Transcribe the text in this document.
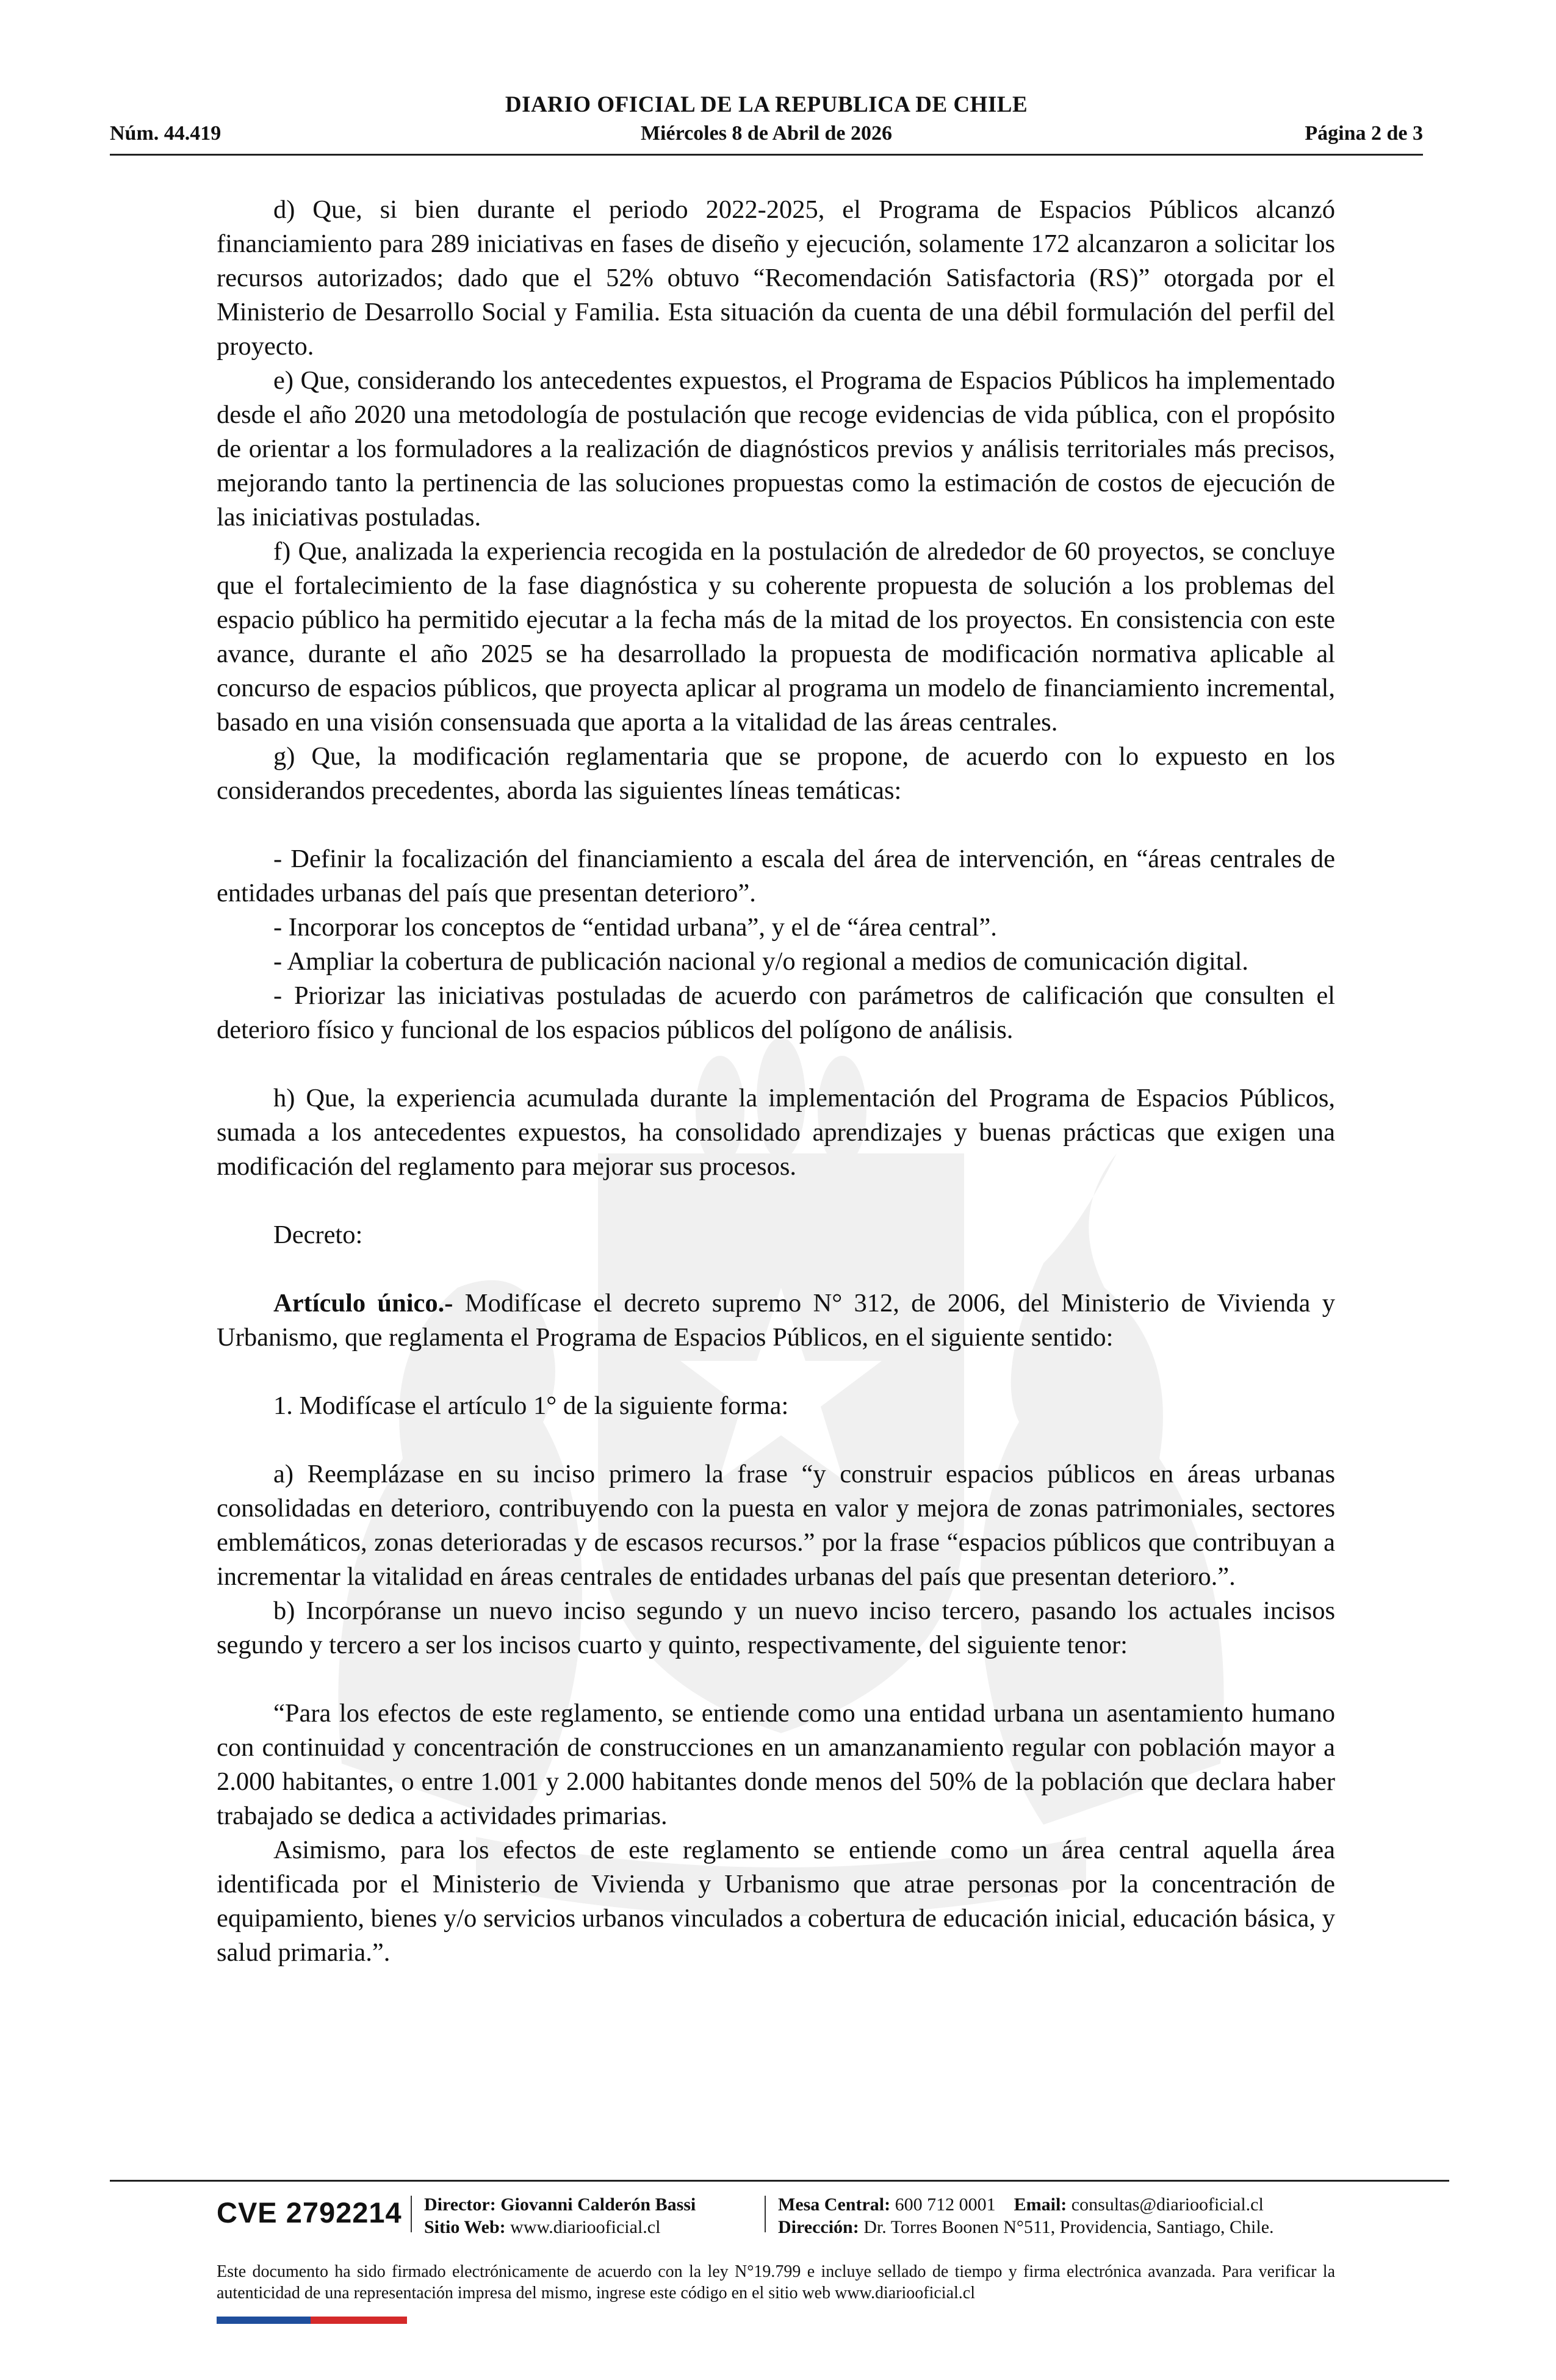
DIARIO OFICIAL DE LA REPUBLICA DE CHILE
Núm. 44.419	Miércoles 8 de Abril de 2026	Página 2 de 3

d) Que, si bien durante el periodo 2022-2025, el Programa de Espacios Públicos alcanzó financiamiento para 289 iniciativas en fases de diseño y ejecución, solamente 172 alcanzaron a solicitar los recursos autorizados; dado que el 52% obtuvo “Recomendación Satisfactoria (RS)” otorgada por el Ministerio de Desarrollo Social y Familia. Esta situación da cuenta de una débil formulación del perfil del proyecto.

e) Que, considerando los antecedentes expuestos, el Programa de Espacios Públicos ha implementado desde el año 2020 una metodología de postulación que recoge evidencias de vida pública, con el propósito de orientar a los formuladores a la realización de diagnósticos previos y análisis territoriales más precisos, mejorando tanto la pertinencia de las soluciones propuestas como la estimación de costos de ejecución de las iniciativas postuladas.

f) Que, analizada la experiencia recogida en la postulación de alrededor de 60 proyectos, se concluye que el fortalecimiento de la fase diagnóstica y su coherente propuesta de solución a los problemas del espacio público ha permitido ejecutar a la fecha más de la mitad de los proyectos. En consistencia con este avance, durante el año 2025 se ha desarrollado la propuesta de modificación normativa aplicable al concurso de espacios públicos, que proyecta aplicar al programa un modelo de financiamiento incremental, basado en una visión consensuada que aporta a la vitalidad de las áreas centrales.

g) Que, la modificación reglamentaria que se propone, de acuerdo con lo expuesto en los considerandos precedentes, aborda las siguientes líneas temáticas:

- Definir la focalización del financiamiento a escala del área de intervención, en “áreas centrales de entidades urbanas del país que presentan deterioro”.

- Incorporar los conceptos de “entidad urbana”, y el de “área central”.

- Ampliar la cobertura de publicación nacional y/o regional a medios de comunicación digital.

- Priorizar las iniciativas postuladas de acuerdo con parámetros de calificación que consulten el deterioro físico y funcional de los espacios públicos del polígono de análisis.

h) Que, la experiencia acumulada durante la implementación del Programa de Espacios Públicos, sumada a los antecedentes expuestos, ha consolidado aprendizajes y buenas prácticas que exigen una modificación del reglamento para mejorar sus procesos.

Decreto:

Artículo único.- Modifícase el decreto supremo N° 312, de 2006, del Ministerio de Vivienda y Urbanismo, que reglamenta el Programa de Espacios Públicos, en el siguiente sentido:

1. Modifícase el artículo 1° de la siguiente forma:

a) Reemplázase en su inciso primero la frase “y construir espacios públicos en áreas urbanas consolidadas en deterioro, contribuyendo con la puesta en valor y mejora de zonas patrimoniales, sectores emblemáticos, zonas deterioradas y de escasos recursos.” por la frase “espacios públicos que contribuyan a incrementar la vitalidad en áreas centrales de entidades urbanas del país que presentan deterioro.”.

b) Incorpóranse un nuevo inciso segundo y un nuevo inciso tercero, pasando los actuales incisos segundo y tercero a ser los incisos cuarto y quinto, respectivamente, del siguiente tenor:

“Para los efectos de este reglamento, se entiende como una entidad urbana un asentamiento humano con continuidad y concentración de construcciones en un amanzanamiento regular con población mayor a 2.000 habitantes, o entre 1.001 y 2.000 habitantes donde menos del 50% de la población que declara haber trabajado se dedica a actividades primarias.

Asimismo, para los efectos de este reglamento se entiende como un área central aquella área identificada por el Ministerio de Vivienda y Urbanismo que atrae personas por la concentración de equipamiento, bienes y/o servicios urbanos vinculados a cobertura de educación inicial, educación básica, y salud primaria.”.

CVE 2792214 Director: Giovanni Calderón Bassi
Sitio Web: www.diariooficial.cl
Mesa Central: 600 712 0001 Email: consultas@diariooficial.cl
Dirección: Dr. Torres Boonen N°511, Providencia, Santiago, Chile.
Este documento ha sido firmado electrónicamente de acuerdo con la ley N°19.799 e incluye sellado de tiempo y firma electrónica avanzada. Para verificar la autenticidad de una representación impresa del mismo, ingrese este código en el sitio web www.diariooficial.cl
